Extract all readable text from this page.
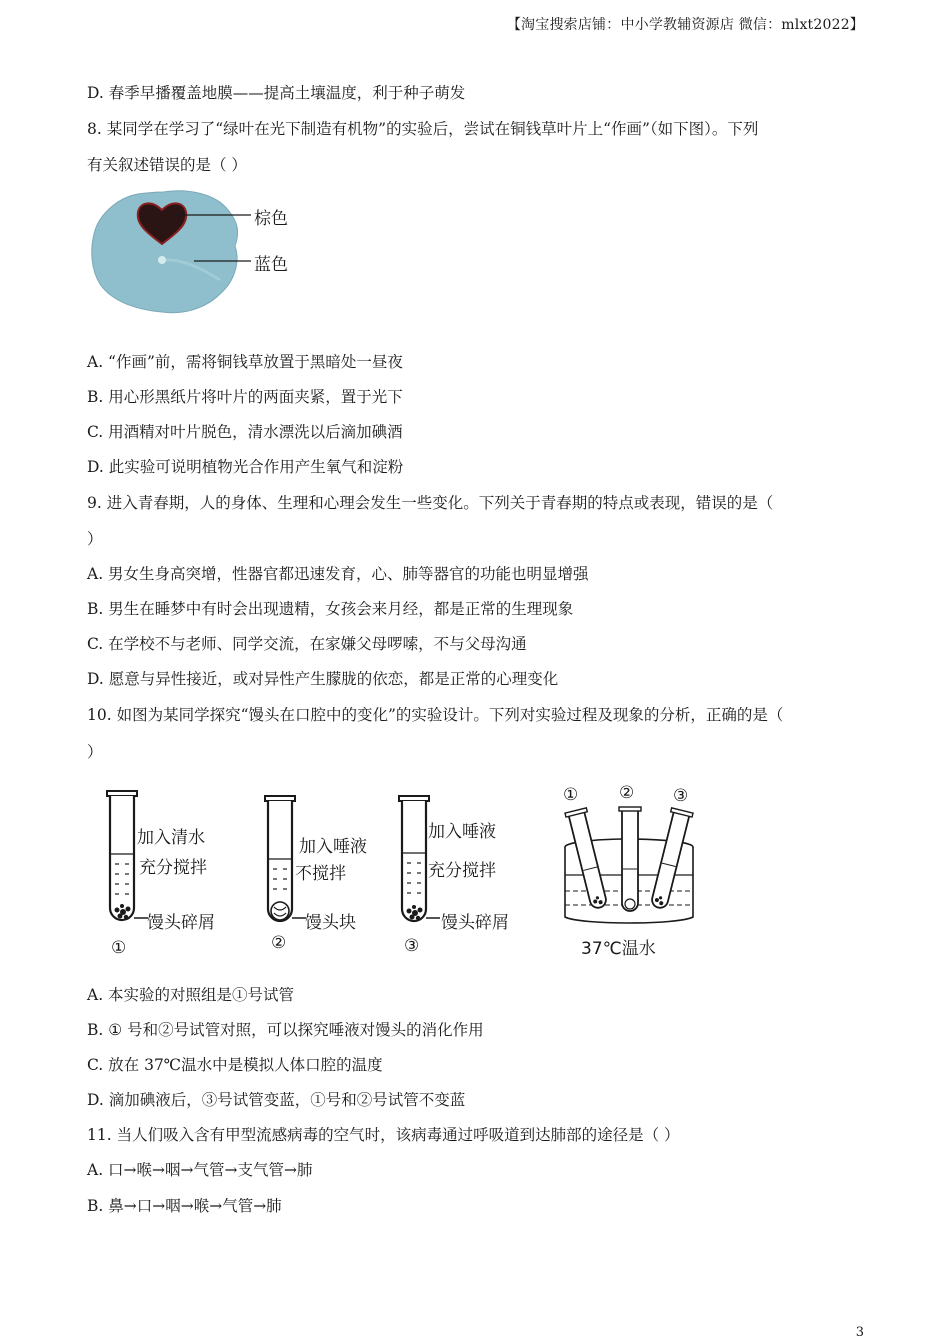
【淘宝搜索店铺：中小学教辅资源店 微信：mlxt2022】
D. 春季早播覆盖地膜——提高土壤温度，利于种子萌发
8. 某同学在学习了“绿叶在光下制造有机物”的实验后，尝试在铜钱草叶片上“作画”（如下图）。下列
有关叙述错误的是（ ）
棕色
蓝色
A. “作画”前，需将铜钱草放置于黑暗处一昼夜
B. 用心形黑纸片将叶片的两面夹紧，置于光下
C. 用酒精对叶片脱色，清水漂洗以后滴加碘酒
D. 此实验可说明植物光合作用产生氧气和淀粉
9. 进入青春期，人的身体、生理和心理会发生一些变化。下列关于青春期的特点或表现，错误的是（
）
A. 男女生身高突增，性器官都迅速发育，心、肺等器官的功能也明显增强
B. 男生在睡梦中有时会出现遗精，女孩会来月经，都是正常的生理现象
C. 在学校不与老师、同学交流，在家嫌父母啰嗦，不与父母沟通
D. 愿意与异性接近，或对异性产生朦胧的依恋，都是正常的心理变化
10. 如图为某同学探究“馒头在口腔中的变化”的实验设计。下列对实验过程及现象的分析，正确的是（
）
加入清水
充分搅拌
馒头碎屑
①
加入唾液
不搅拌
馒头块
②
加入唾液
充分搅拌
馒头碎屑
③
① ② ③
37℃温水
A. 本实验的对照组是①号试管
B. ① 号和②号试管对照，可以探究唾液对馒头的消化作用
C. 放在 37℃温水中是模拟人体口腔的温度
D. 滴加碘液后，③号试管变蓝，①号和②号试管不变蓝
11. 当人们吸入含有甲型流感病毒的空气时，该病毒通过呼吸道到达肺部的途径是（ ）
A. 口→喉→咽→气管→支气管→肺
B. 鼻→口→咽→喉→气管→肺
3
